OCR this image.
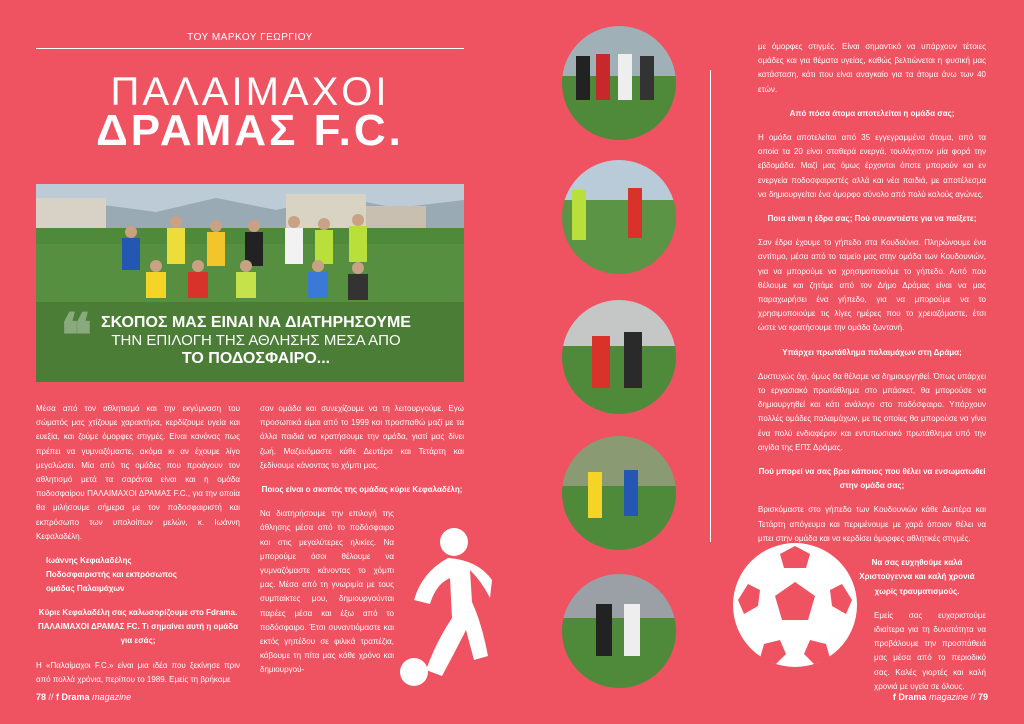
ΤΟΥ ΜΑΡΚΟΥ ΓΕΩΡΓΙΟΥ
ΠΑΛΑΙΜΑΧΟΙ
ΔΡΑΜΑΣ F.C.
❝ ΣΚΟΠΟΣ ΜΑΣ ΕΙΝΑΙ ΝΑ ΔΙΑΤΗΡΗΣΟΥΜΕ
ΤΗΝ ΕΠΙΛΟΓΗ ΤΗΣ ΑΘΛΗΣΗΣ ΜΕΣΑ ΑΠΟ
ΤΟ ΠΟΔΟΣΦΑΙΡΟ...

Μέσα από τον αθλητισμό και την εκγύμναση του σώματός μας χτίζουμε χαρακτήρα, κερδίζουμε υγεία και ευεξία, και ζούμε όμορφες στιγμές. Είναι κανόνας πως πρέπει να γυμναζόμαστε, ακόμα κι αν έχουμε λίγο μεγαλώσει. Μία από τις ομάδες που προάγουν τον αθλητισμό μετά τα σαράντα είναι και η ομάδα ποδοσφαίρου ΠΑΛΑΙΜΑΧΟΙ ΔΡΑΜΑΣ F.C., για την οποία θα μιλήσουμε σήμερα με τον ποδοσφαιριστή και εκπρόσωπο των υπολοίπων μελών, κ. Ιωάννη Κεφαλαδέλη.

Ιωάννης Κεφαλαδέλης
Ποδοσφαιριστής και εκπρόσωπος
ομάδας Παλαιμάχων

Κύριε Κεφαλαδέλη σας καλωσορίζουμε στο Fdrama. ΠΑΛΑΙΜΑΧΟΙ ΔΡΑΜΑΣ FC. Τι σημαίνει αυτή η ομάδα για εσάς;

Η «Παλαίμαχοι F.C.» είναι μια ιδέα που ξεκίνησε πριν από πολλά χρόνια, περίπου το 1989. Εμείς τη βρήκαμε

σαν ομάδα και συνεχίζουμε να τη λειτουργούμε. Εγώ προσωπικά είμαι από το 1999 και προσπαθώ μαζί με τα άλλα παιδιά να κρατήσουμε την ομάδα, γιατί μας δίνει ζωή. Μαζευόμαστε κάθε Δευτέρα και Τετάρτη και ξεδίνουμε κάνοντας το χόμπι μας.

Ποιος είναι ο σκοπός της ομάδας κύριε Κεφαλαδέλη;

Να διατηρήσουμε την επιλογή της άθλησης μέσα από το ποδόσφαιρο και στις μεγαλύτερες ηλικίες. Να μπορούμε όσοι θέλουμε να γυμναζόμαστε κάνοντας το χόμπι μας. Μέσα από τη γνωριμία με τους συμπαίκτες μου, δημιουργούνται παρέες μέσα και έξω από το ποδόσφαιρο. Έτσι συναντιόμαστε και εκτός γηπέδου σε φιλικά τραπέζια, κάβουμε τη πίτα μας κάθε χρόνο και δημιουργού-

78 // f Drama magazine

με όμορφες στιγμές. Είναι σημαντικό να υπάρχουν τέτοιες ομάδες και για θέματα υγείας, καθώς βελτιώνεται η φυσική μας κατάσταση, κάτι που είναι αναγκαίο για τα άτομα άνω των 40 ετών.

Από πόσα άτομα αποτελείται η ομάδα σας;

Η ομάδα αποτελείται από 35 εγγεγραμμένα άτομα, από τα οποία τα 20 είναι σταθερά ενεργά, τουλάχιστον μία φορά την εβδομάδα. Μαζί μας όμως έρχονται όποτε μπορούν και εν ενεργεία ποδοσφαιριστές αλλά και νέα παιδιά, με αποτέλεσμα να δημιουργείται ένα όμορφο σύνολο από πολύ καλούς αγώνες.

Ποια είναι η έδρα σας; Πού συναντιέστε για να παίξετε;

Σαν έδρα έχουμε το γήπεδο στα Κουδούνια. Πληρώνουμε ένα αντίτιμο, μέσα από το ταμείο μας στην ομάδα των Κουδουνιών, για να μπορούμε να χρησιμοποιούμε το γήπεδο. Αυτό που θέλουμε και ζητάμε από τον Δήμο Δράμας είναι να μας παραχωρήσει ένα γήπεδο, για να μπορούμε να το χρησιμοποιούμε τις λίγες ημέρες που το χρειαζόμαστε, έτσι ώστε να κρατήσουμε την ομάδα ζωντανή.

Υπάρχει πρωτάθλημα παλαιμάχων στη Δράμα;

Δυστυχώς όχι, όμως θα θέλαμε να δημιουργηθεί. Όπως υπάρχει το εργασιακό πρωτάθλημα στο μπάσκετ, θα μπορούσε να δημιουργηθεί και κάτι ανάλογο στο ποδόσφαιρο. Υπάρχουν πολλές ομάδες παλαιμάχων, με τις οποίες θα μπορούσε να γίνει ένα πολύ ενδιαφέρον και εντυπωσιακό πρωτάθλημα υπό την αιγίδα της ΕΠΣ Δράμας.

Πού μπορεί να σας βρει κάποιος που θέλει να ενσωματωθεί στην ομάδα σας;

Βρισκόμαστε στο γήπεδο των Κουδουνιών κάθε Δευτέρα και Τετάρτη απόγευμα και περιμένουμε με χαρά όποιον θέλει να μπει στην ομάδα και να κερδίσει όμορφες αθλητικές στιγμές.

Να σας ευχηθούμε καλά Χριστούγεννα και καλή χρονιά χωρίς τραυματισμούς.

Εμείς σας ευχαριστούμε ιδιαίτερα για τη δυνατότητα να προβάλουμε την προσπάθειά μας μέσα από το περιοδικό σας. Καλές γιορτές και καλή χρονιά με υγεία σε όλους.

f Drama magazine // 79
